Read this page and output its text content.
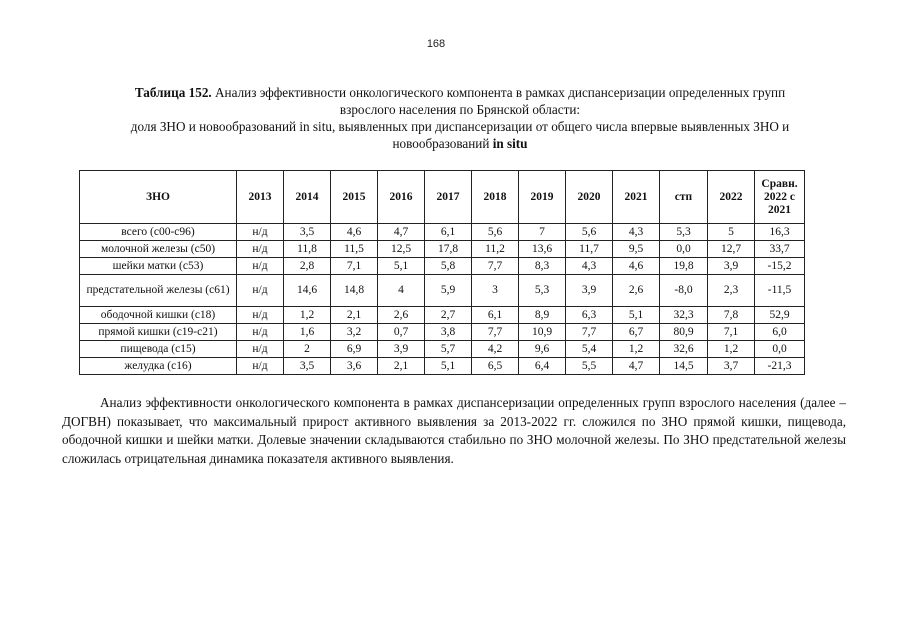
168
Таблица 152. Анализ эффективности онкологического компонента в рамках диспансеризации определенных групп
взрослого населения по Брянской области:
доля ЗНО и новообразований in situ, выявленных при диспансеризации от общего числа впервые выявленных ЗНО и
новообразований in situ
ЗНО	2013	2014	2015	2016	2017	2018	2019	2020	2021	стп	2022	Сравн. 2022 с 2021
всего (с00-с96)	н/д	3,5	4,6	4,7	6,1	5,6	7	5,6	4,3	5,3	5	16,3
молочной железы (с50)	н/д	11,8	11,5	12,5	17,8	11,2	13,6	11,7	9,5	0,0	12,7	33,7
шейки матки (с53)	н/д	2,8	7,1	5,1	5,8	7,7	8,3	4,3	4,6	19,8	3,9	-15,2
предстательной железы (с61)	н/д	14,6	14,8	4	5,9	3	5,3	3,9	2,6	-8,0	2,3	-11,5
ободочной кишки (с18)	н/д	1,2	2,1	2,6	2,7	6,1	8,9	6,3	5,1	32,3	7,8	52,9
прямой кишки (с19-с21)	н/д	1,6	3,2	0,7	3,8	7,7	10,9	7,7	6,7	80,9	7,1	6,0
пищевода (с15)	н/д	2	6,9	3,9	5,7	4,2	9,6	5,4	1,2	32,6	1,2	0,0
желудка (с16)	н/д	3,5	3,6	2,1	5,1	6,5	6,4	5,5	4,7	14,5	3,7	-21,3
Анализ эффективности онкологического компонента в рамках диспансеризации определенных групп взрослого населения (далее – ДОГВН) показывает, что максимальный прирост активного выявления за 2013-2022 гг. сложился по ЗНО прямой кишки, пищевода, ободочной кишки и шейки матки. Долевые значении складываются стабильно по ЗНО молочной железы. По ЗНО предстательной железы сложилась отрицательная динамика показателя активного выявления.
